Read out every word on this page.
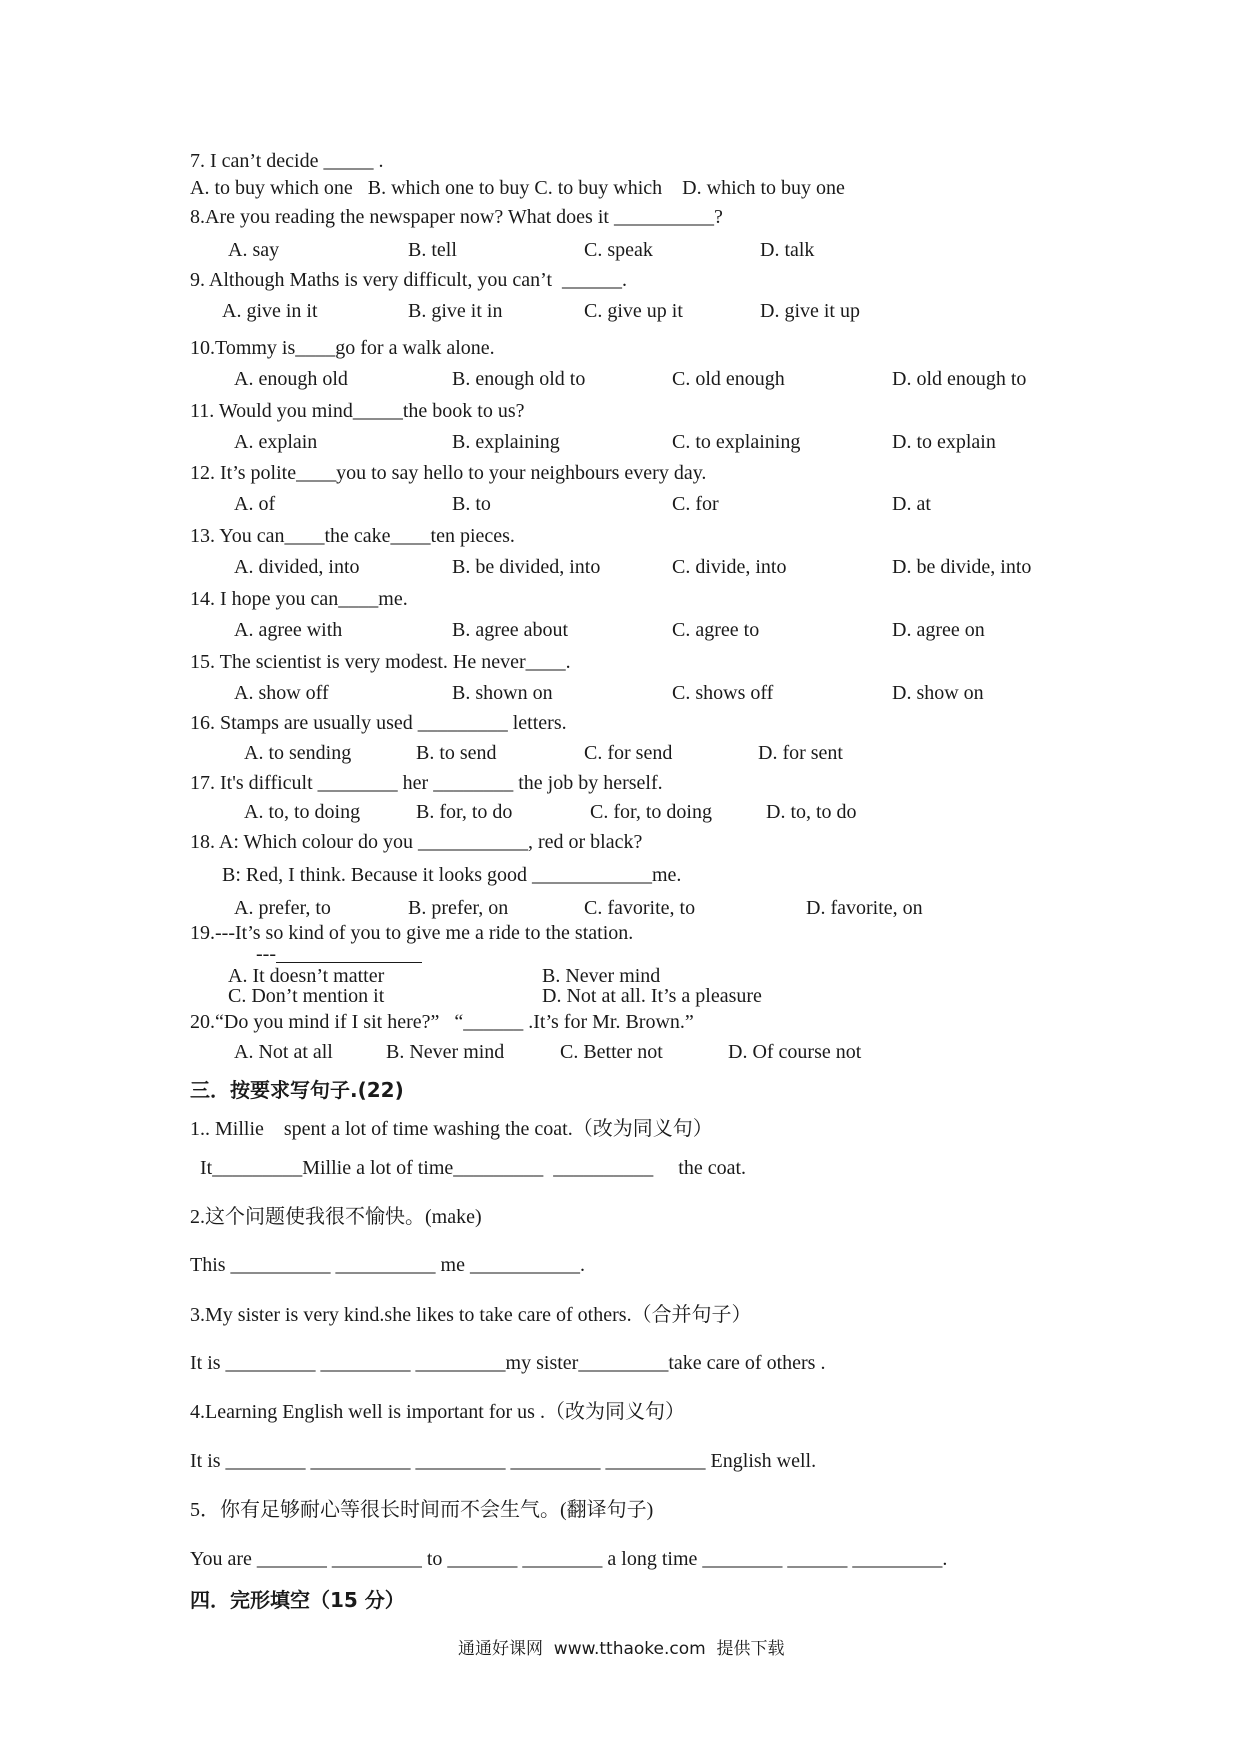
7. I can’t decide _____ .
A. to buy which one   B. which one to buy C. to buy which    D. which to buy one
8.Are you reading the newspaper now? What does it __________?
A. say	B. tell	C. speak	D. talk
9. Although Maths is very difficult, you can’t  ______.
A. give in it	B. give it in	C. give up it	D. give it up
10.Tommy is____go for a walk alone.
A. enough old	B. enough old to	C. old enough	D. old enough to
11. Would you mind_____the book to us?
A. explain	B. explaining	C. to explaining	D. to explain
12. It’s polite____you to say hello to your neighbours every day.
A. of	B. to	C. for	D. at
13. You can____the cake____ten pieces.
A. divided, into	B. be divided, into	C. divide, into	D. be divide, into
14. I hope you can____me.
A. agree with	B. agree about	C. agree to	D. agree on
15. The scientist is very modest. He never____.
A. show off	B. shown on	C. shows off	D. show on
16. Stamps are usually used _________ letters.
A. to sending	B. to send	C. for send	D. for sent
17. It's difficult ________ her ________ the job by herself.
A. to, to doing	B. for, to do	C. for, to doing	D. to, to do
18. A: Which colour do you ___________, red or black?
B: Red, I think. Because it looks good ____________me.
A. prefer, to	B. prefer, on	C. favorite, to	D. favorite, on
19.---It’s so kind of you to give me a ride to the station.
---
A. It doesn’t matter	B. Never mind
C. Don’t mention it	D. Not at all. It’s a pleasure
20.“Do you mind if I sit here?”   “______ .It’s for Mr. Brown.”
A. Not at all	B. Never mind	C. Better not	D. Of course not
三．按要求写句子.(22)
1.. Millie    spent a lot of time washing the coat.（改为同义句）
It_________Millie a lot of time_________  __________     the coat.
2.这个问题使我很不愉快。(make)
This __________ __________ me ___________.
3.My sister is very kind.she likes to take care of others.（合并句子）
It is _________ _________ _________my sister_________take care of others .
4.Learning English well is important for us .（改为同义句）
It is ________ __________ _________ _________ __________ English well.
5．你有足够耐心等很长时间而不会生气。(翻译句子)
You are _______ _________ to _______ ________ a long time ________ ______ _________.
四．完形填空（15 分）
通通好课网  www.tthaoke.com  提供下载
